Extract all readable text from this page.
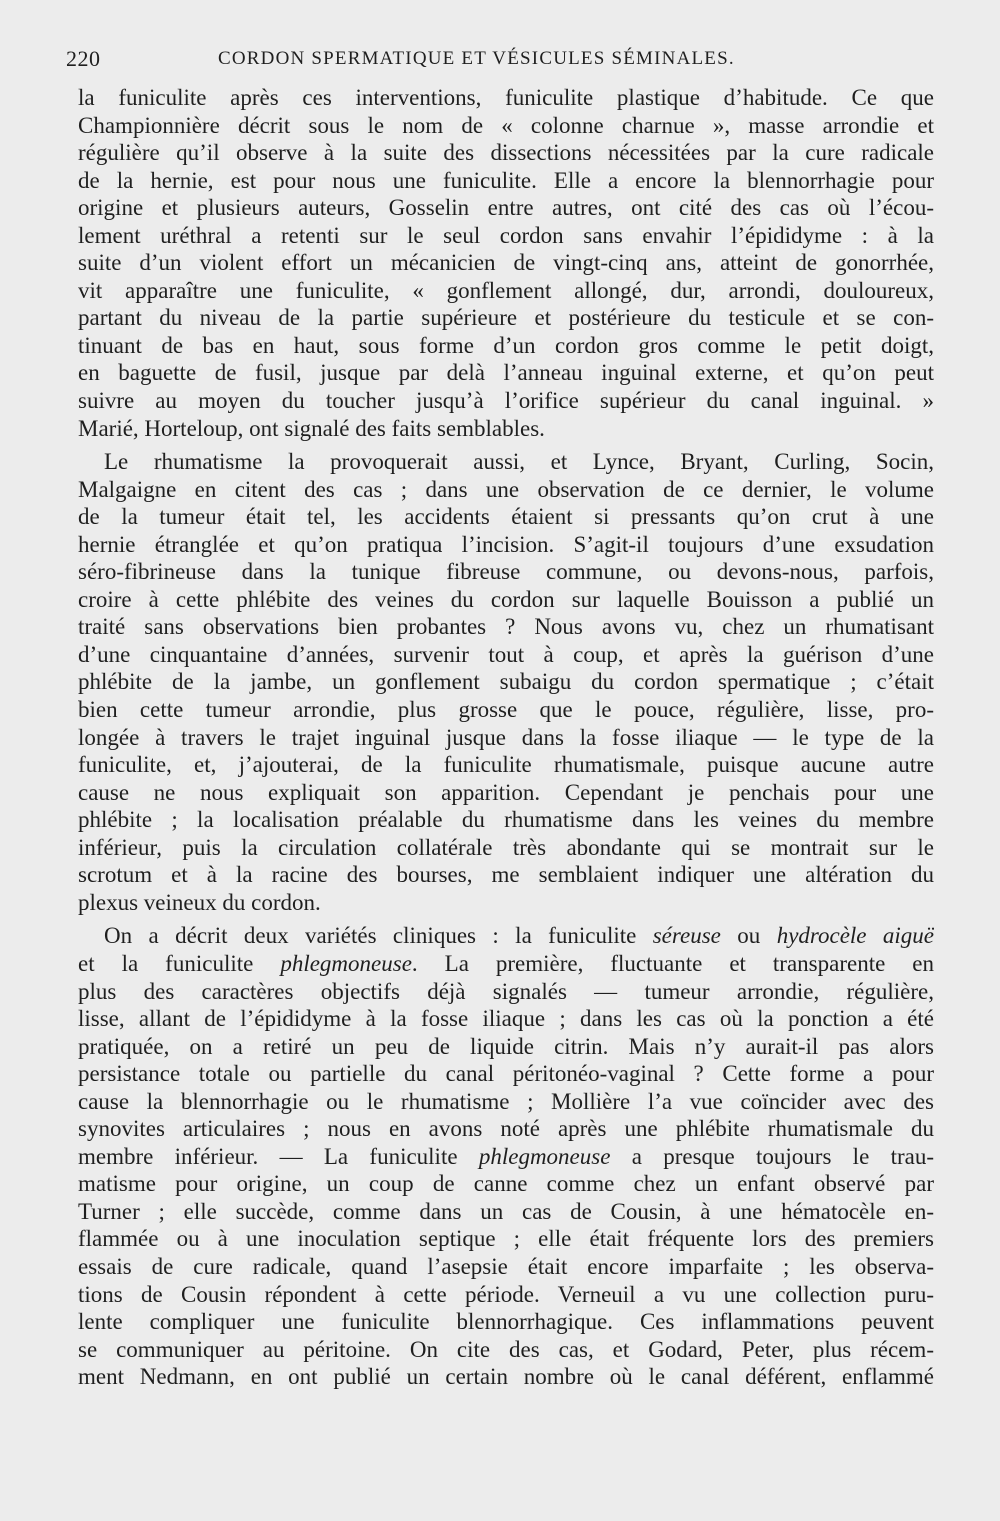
220	CORDON SPERMATIQUE ET VÉSICULES SÉMINALES.
la funiculite après ces interventions, funiculite plastique d’habitude. Ce que
Championnière décrit sous le nom de « colonne charnue », masse arrondie et
régulière qu’il observe à la suite des dissections nécessitées par la cure radicale
de la hernie, est pour nous une funiculite. Elle a encore la blennorrhagie pour
origine et plusieurs auteurs, Gosselin entre autres, ont cité des cas où l’écou-
lement uréthral a retenti sur le seul cordon sans envahir l’épididyme : à la
suite d’un violent effort un mécanicien de vingt-cinq ans, atteint de gonorrhée,
vit apparaître une funiculite, « gonflement allongé, dur, arrondi, douloureux,
partant du niveau de la partie supérieure et postérieure du testicule et se con-
tinuant de bas en haut, sous forme d’un cordon gros comme le petit doigt,
en baguette de fusil, jusque par delà l’anneau inguinal externe, et qu’on peut
suivre au moyen du toucher jusqu’à l’orifice supérieur du canal inguinal. »
Marié, Horteloup, ont signalé des faits semblables.
Le rhumatisme la provoquerait aussi, et Lynce, Bryant, Curling, Socin,
Malgaigne en citent des cas ; dans une observation de ce dernier, le volume
de la tumeur était tel, les accidents étaient si pressants qu’on crut à une
hernie étranglée et qu’on pratiqua l’incision. S’agit-il toujours d’une exsudation
séro-fibrineuse dans la tunique fibreuse commune, ou devons-nous, parfois,
croire à cette phlébite des veines du cordon sur laquelle Bouisson a publié un
traité sans observations bien probantes ? Nous avons vu, chez un rhumatisant
d’une cinquantaine d’années, survenir tout à coup, et après la guérison d’une
phlébite de la jambe, un gonflement subaigu du cordon spermatique ; c’était
bien cette tumeur arrondie, plus grosse que le pouce, régulière, lisse, pro-
longée à travers le trajet inguinal jusque dans la fosse iliaque — le type de la
funiculite, et, j’ajouterai, de la funiculite rhumatismale, puisque aucune autre
cause ne nous expliquait son apparition. Cependant je penchais pour une
phlébite ; la localisation préalable du rhumatisme dans les veines du membre
inférieur, puis la circulation collatérale très abondante qui se montrait sur le
scrotum et à la racine des bourses, me semblaient indiquer une altération du
plexus veineux du cordon.
On a décrit deux variétés cliniques : la funiculite séreuse ou hydrocèle aiguë
et la funiculite phlegmoneuse. La première, fluctuante et transparente en
plus des caractères objectifs déjà signalés — tumeur arrondie, régulière,
lisse, allant de l’épididyme à la fosse iliaque ; dans les cas où la ponction a été
pratiquée, on a retiré un peu de liquide citrin. Mais n’y aurait-il pas alors
persistance totale ou partielle du canal péritonéo-vaginal ? Cette forme a pour
cause la blennorrhagie ou le rhumatisme ; Mollière l’a vue coïncider avec des
synovites articulaires ; nous en avons noté après une phlébite rhumatismale du
membre inférieur. — La funiculite phlegmoneuse a presque toujours le trau-
matisme pour origine, un coup de canne comme chez un enfant observé par
Turner ; elle succède, comme dans un cas de Cousin, à une hématocèle en-
flammée ou à une inoculation septique ; elle était fréquente lors des premiers
essais de cure radicale, quand l’asepsie était encore imparfaite ; les observa-
tions de Cousin répondent à cette période. Verneuil a vu une collection puru-
lente compliquer une funiculite blennorrhagique. Ces inflammations peuvent
se communiquer au péritoine. On cite des cas, et Godard, Peter, plus récem-
ment Nedmann, en ont publié un certain nombre où le canal déférent, enflammé
